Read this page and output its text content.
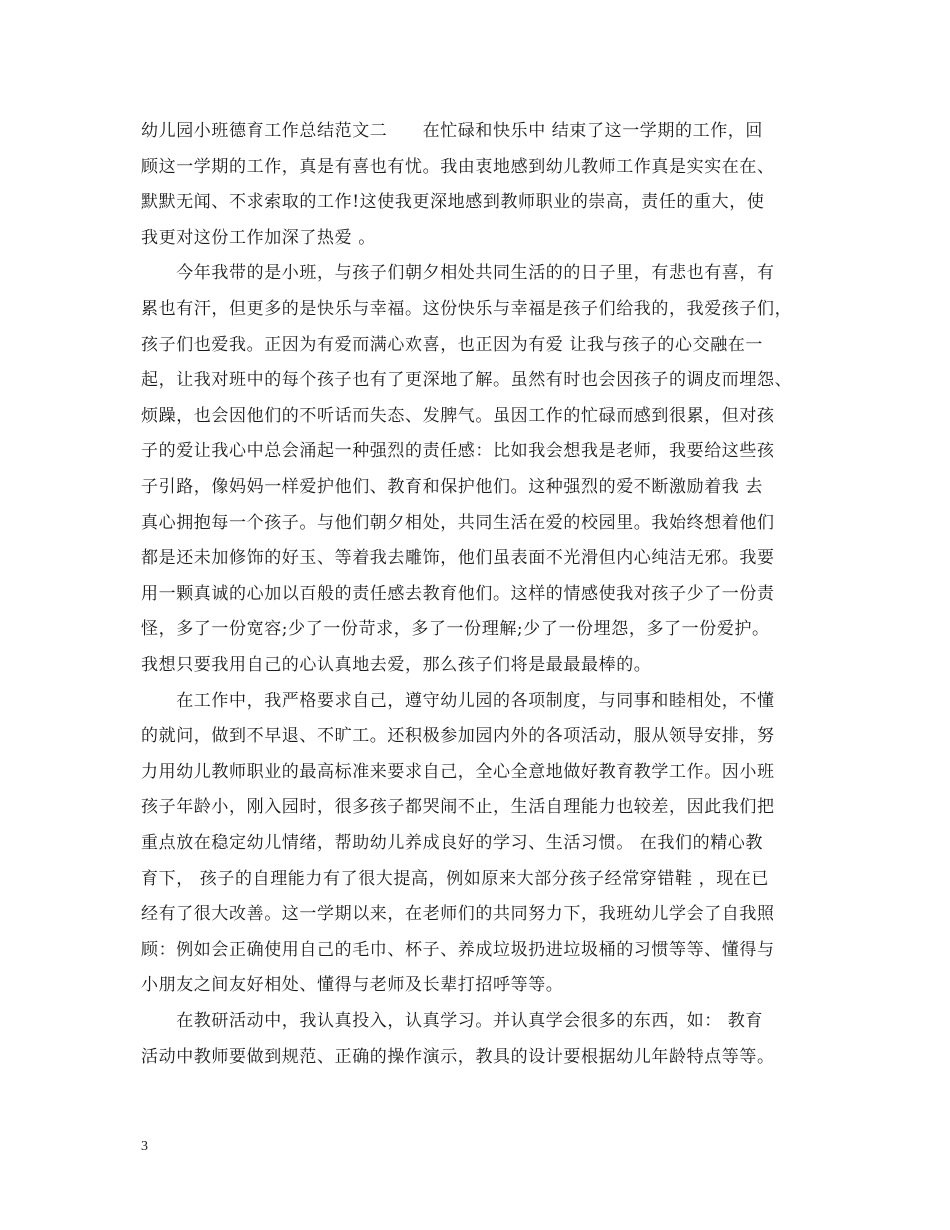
幼儿园小班德育工作总结范文二　　在忙碌和快乐中 结束了这一学期的工作，回
顾这一学期的工作，真是有喜也有忧。我由衷地感到幼儿教师工作真是实实在在、
默默无闻、不求索取的工作!这使我更深地感到教师职业的崇高，责任的重大，使
我更对这份工作加深了热爱 。
　　今年我带的是小班，与孩子们朝夕相处共同生活的的日子里，有悲也有喜，有
累也有汗，但更多的是快乐与幸福。这份快乐与幸福是孩子们给我的，我爱孩子们，
孩子们也爱我。正因为有爱而满心欢喜，也正因为有爱 让我与孩子的心交融在一
起，让我对班中的每个孩子也有了更深地了解。虽然有时也会因孩子的调皮而埋怨、
烦躁，也会因他们的不听话而失态、发脾气。虽因工作的忙碌而感到很累，但对孩
子的爱让我心中总会涌起一种强烈的责任感：比如我会想我是老师，我要给这些孩
子引路，像妈妈一样爱护他们、教育和保护他们。这种强烈的爱不断激励着我 去
真心拥抱每一个孩子。与他们朝夕相处，共同生活在爱的校园里。我始终想着他们
都是还未加修饰的好玉、等着我去雕饰，他们虽表面不光滑但内心纯洁无邪。我要
用一颗真诚的心加以百般的责任感去教育他们。这样的情感使我对孩子少了一份责
怪，多了一份宽容;少了一份苛求，多了一份理解;少了一份埋怨，多了一份爱护。
我想只要我用自己的心认真地去爱，那么孩子们将是最最最棒的。
　　在工作中，我严格要求自己，遵守幼儿园的各项制度，与同事和睦相处，不懂
的就问，做到不早退、不旷工。还积极参加园内外的各项活动，服从领导安排，努
力用幼儿教师职业的最高标准来要求自己，全心全意地做好教育教学工作。因小班
孩子年龄小，刚入园时，很多孩子都哭闹不止，生活自理能力也较差，因此我们把
重点放在稳定幼儿情绪，帮助幼儿养成良好的学习、生活习惯。 在我们的精心教
育下， 孩子的自理能力有了很大提高，例如原来大部分孩子经常穿错鞋 ，现在已
经有了很大改善。这一学期以来，在老师们的共同努力下，我班幼儿学会了自我照
顾：例如会正确使用自己的毛巾、杯子、养成垃圾扔进垃圾桶的习惯等等、懂得与
小朋友之间友好相处、懂得与老师及长辈打招呼等等。
　　在教研活动中，我认真投入，认真学习。并认真学会很多的东西，如： 教育
活动中教师要做到规范、正确的操作演示，教具的设计要根据幼儿年龄特点等等。
3
